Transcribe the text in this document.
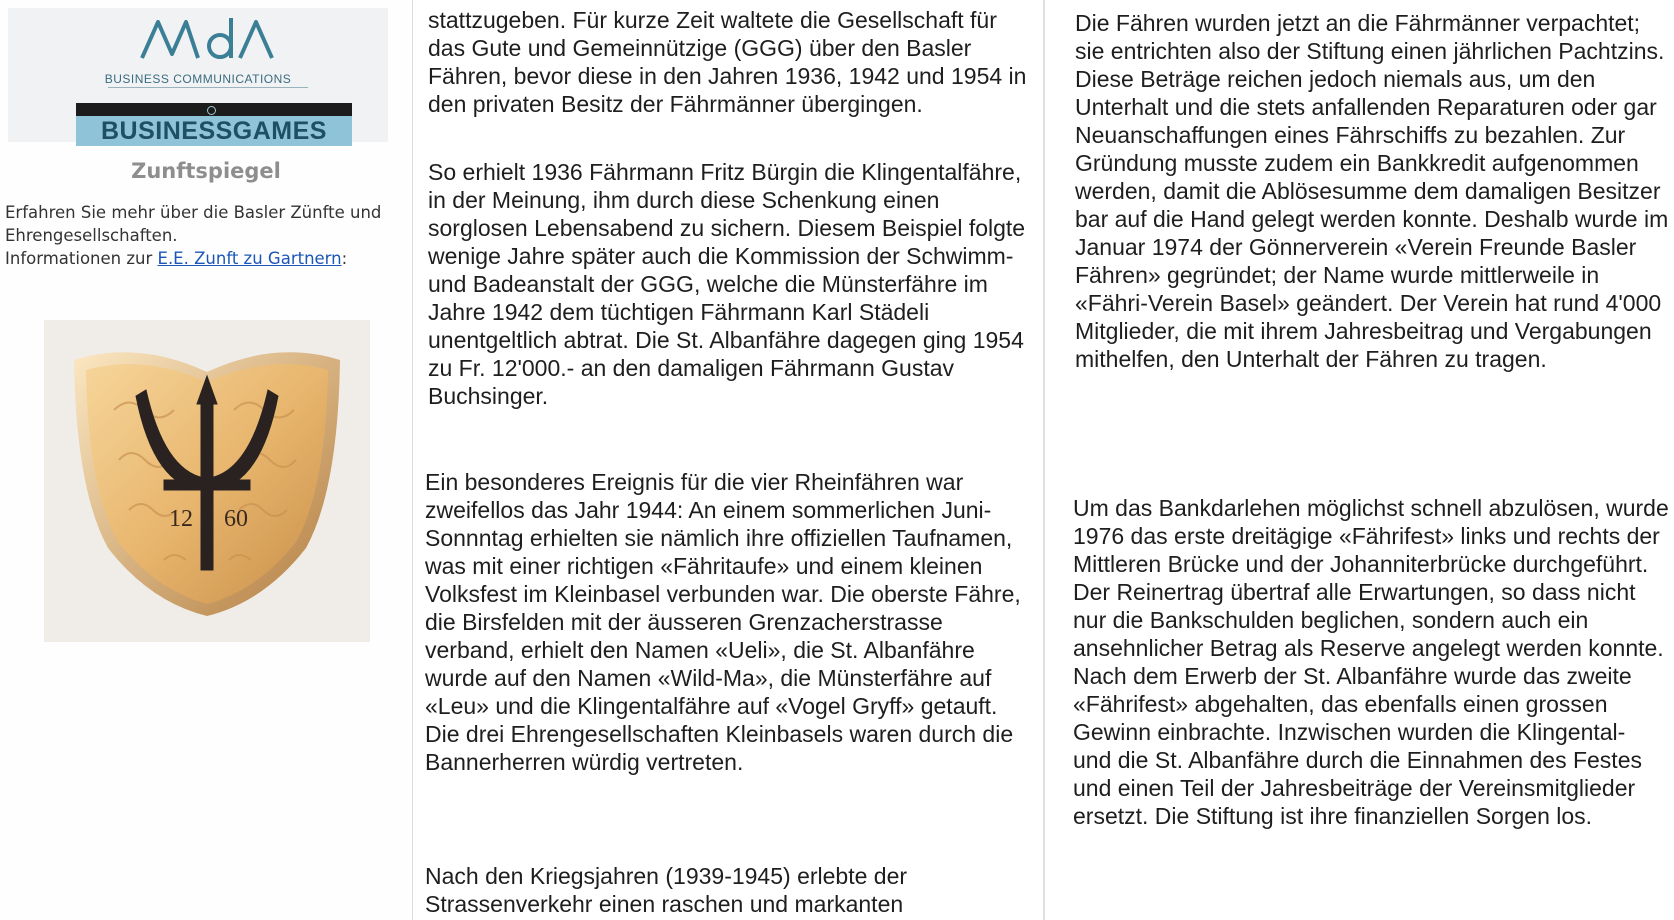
BUSINESS COMMUNICATIONS
BUSINESSGAMES
Zunftspiegel
Erfahren Sie mehr über die Basler Zünfte und Ehrengesellschaften.
Informationen zur E.E. Zunft zu Gartnern:
12 60

stattzugeben. Für kurze Zeit waltete die Gesellschaft für das Gute und Gemeinnützige (GGG) über den Basler Fähren, bevor diese in den Jahren 1936, 1942 und 1954 in den privaten Besitz der Fährmänner übergingen.

So erhielt 1936 Fährmann Fritz Bürgin die Klingentalfähre, in der Meinung, ihm durch diese Schenkung einen sorglosen Lebensabend zu sichern. Diesem Beispiel folgte wenige Jahre später auch die Kommission der Schwimm- und Badeanstalt der GGG, welche die Münsterfähre im Jahre 1942 dem tüchtigen Fährmann Karl Städeli unentgeltlich abtrat. Die St. Albanfähre dagegen ging 1954 zu Fr. 12'000.- an den damaligen Fährmann Gustav Buchsinger.

Ein besonderes Ereignis für die vier Rheinfähren war zweifellos das Jahr 1944: An einem sommerlichen Juni-Sonnntag erhielten sie nämlich ihre offiziellen Taufnamen, was mit einer richtigen «Fähritaufe» und einem kleinen Volksfest im Kleinbasel verbunden war. Die oberste Fähre, die Birsfelden mit der äusseren Grenzacherstrasse verband, erhielt den Namen «Ueli», die St. Albanfähre wurde auf den Namen «Wild-Ma», die Münsterfähre auf «Leu» und die Klingentalfähre auf «Vogel Gryff» getauft. Die drei Ehrengesellschaften Kleinbasels waren durch die Bannerherren würdig vertreten.

Nach den Kriegsjahren (1939-1945) erlebte der Strassenverkehr einen raschen und markanten

Die Fähren wurden jetzt an die Fährmänner verpachtet; sie entrichten also der Stiftung einen jährlichen Pachtzins. Diese Beträge reichen jedoch niemals aus, um den Unterhalt und die stets anfallenden Reparaturen oder gar Neuanschaffungen eines Fährschiffs zu bezahlen. Zur Gründung musste zudem ein Bankkredit aufgenommen werden, damit die Ablösesumme dem damaligen Besitzer bar auf die Hand gelegt werden konnte. Deshalb wurde im Januar 1974 der Gönnerverein «Verein Freunde Basler Fähren» gegründet; der Name wurde mittlerweile in «Fähri-Verein Basel» geändert. Der Verein hat rund 4'000 Mitglieder, die mit ihrem Jahresbeitrag und Vergabungen mithelfen, den Unterhalt der Fähren zu tragen.

Um das Bankdarlehen möglichst schnell abzulösen, wurde 1976 das erste dreitägige «Fährifest» links und rechts der Mittleren Brücke und der Johanniterbrücke durchgeführt. Der Reinertrag übertraf alle Erwartungen, so dass nicht nur die Bankschulden beglichen, sondern auch ein ansehnlicher Betrag als Reserve angelegt werden konnte. Nach dem Erwerb der St. Albanfähre wurde das zweite «Fährifest» abgehalten, das ebenfalls einen grossen Gewinn einbrachte. Inzwischen wurden die Klingental- und die St. Albanfähre durch die Einnahmen des Festes und einen Teil der Jahresbeiträge der Vereinsmitglieder ersetzt. Die Stiftung ist ihre finanziellen Sorgen los.
